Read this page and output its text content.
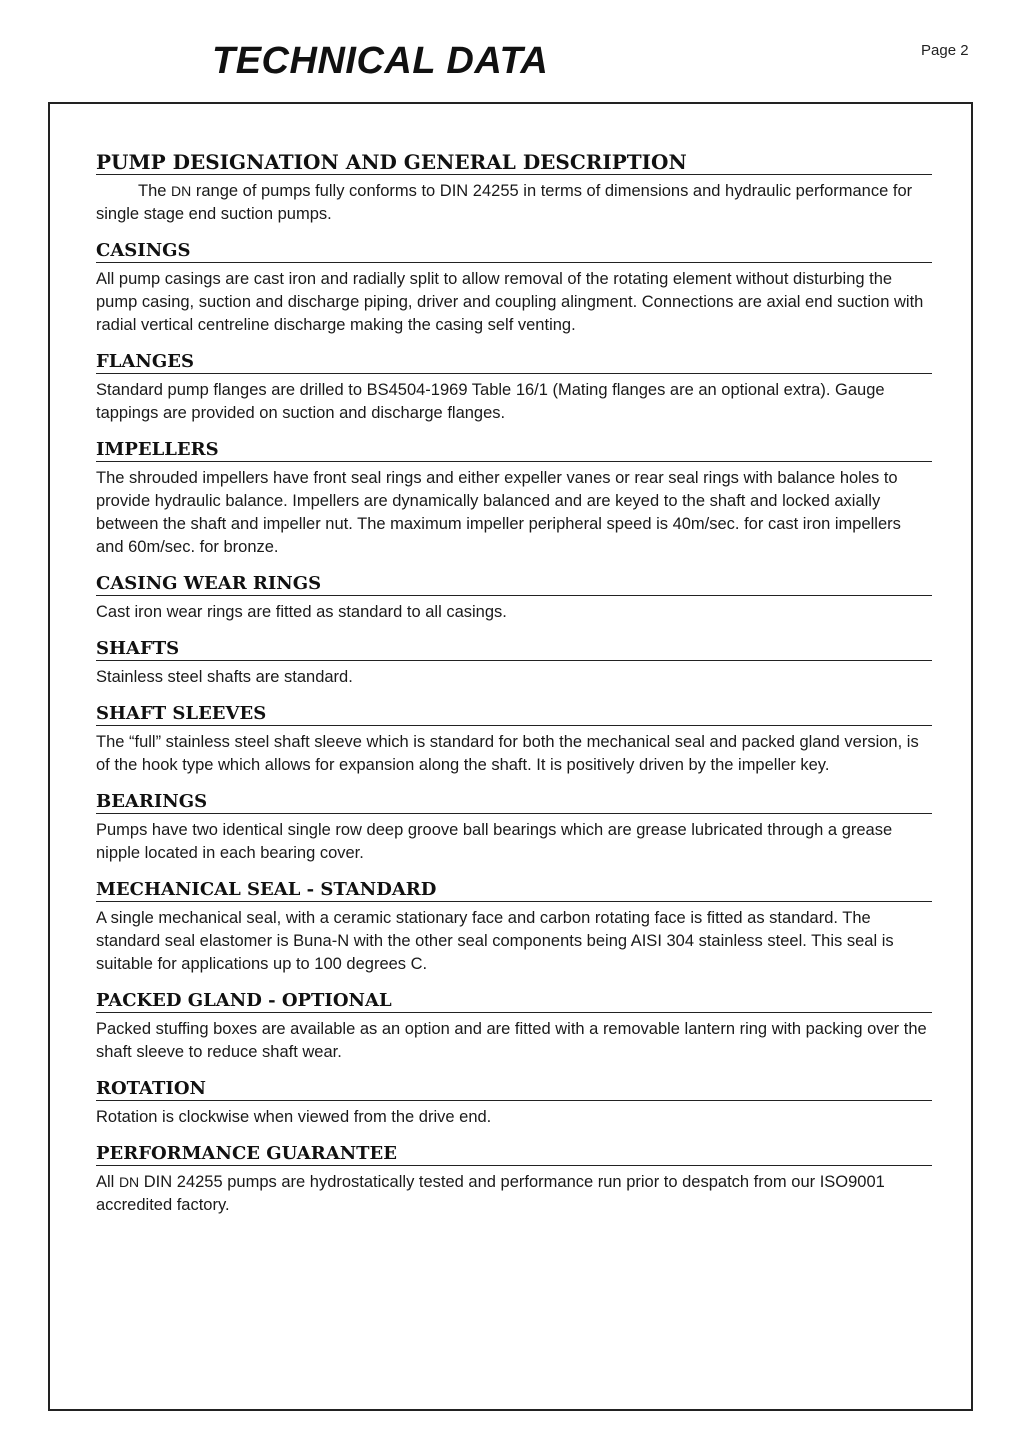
TECHNICAL DATA	Page 2
PUMP DESIGNATION AND GENERAL DESCRIPTION

The DN range of pumps fully conforms to DIN 24255 in terms of dimensions and hydraulic performance for single stage end suction pumps.

CASINGS

All pump casings are cast iron and radially split to allow removal of the rotating element without disturbing the pump casing, suction and discharge piping, driver and coupling alingment. Connections are axial end suction with radial vertical centreline discharge making the casing self venting.

FLANGES

Standard pump flanges are drilled to BS4504-1969 Table 16/1 (Mating flanges are an optional extra). Gauge tappings are provided on suction and discharge flanges.

IMPELLERS

The shrouded impellers have front seal rings and either expeller vanes or rear seal rings with balance holes to provide hydraulic balance. Impellers are dynamically balanced and are keyed to the shaft and locked axially between the shaft and impeller nut. The maximum impeller peripheral speed is 40m/sec. for cast iron impellers and 60m/sec. for bronze.

CASING WEAR RINGS

Cast iron wear rings are fitted as standard to all casings.

SHAFTS

Stainless steel shafts are standard.

SHAFT SLEEVES

The “full” stainless steel shaft sleeve which is standard for both the mechanical seal and packed gland version, is of the hook type which allows for expansion along the shaft. It is positively driven by the impeller key.

BEARINGS

Pumps have two identical single row deep groove ball bearings which are grease lubricated through a grease nipple located in each bearing cover.

MECHANICAL SEAL - STANDARD

A single mechanical seal, with a ceramic stationary face and carbon rotating face is fitted as standard. The standard seal elastomer is Buna-N with the other seal components being AISI 304 stainless steel. This seal is suitable for applications up to 100 degrees C.

PACKED GLAND - OPTIONAL

Packed stuffing boxes are available as an option and are fitted with a removable lantern ring with packing over the shaft sleeve to reduce shaft wear.

ROTATION

Rotation is clockwise when viewed from the drive end.

PERFORMANCE GUARANTEE

All DN DIN 24255 pumps are hydrostatically tested and performance run prior to despatch from our ISO9001 accredited factory.
